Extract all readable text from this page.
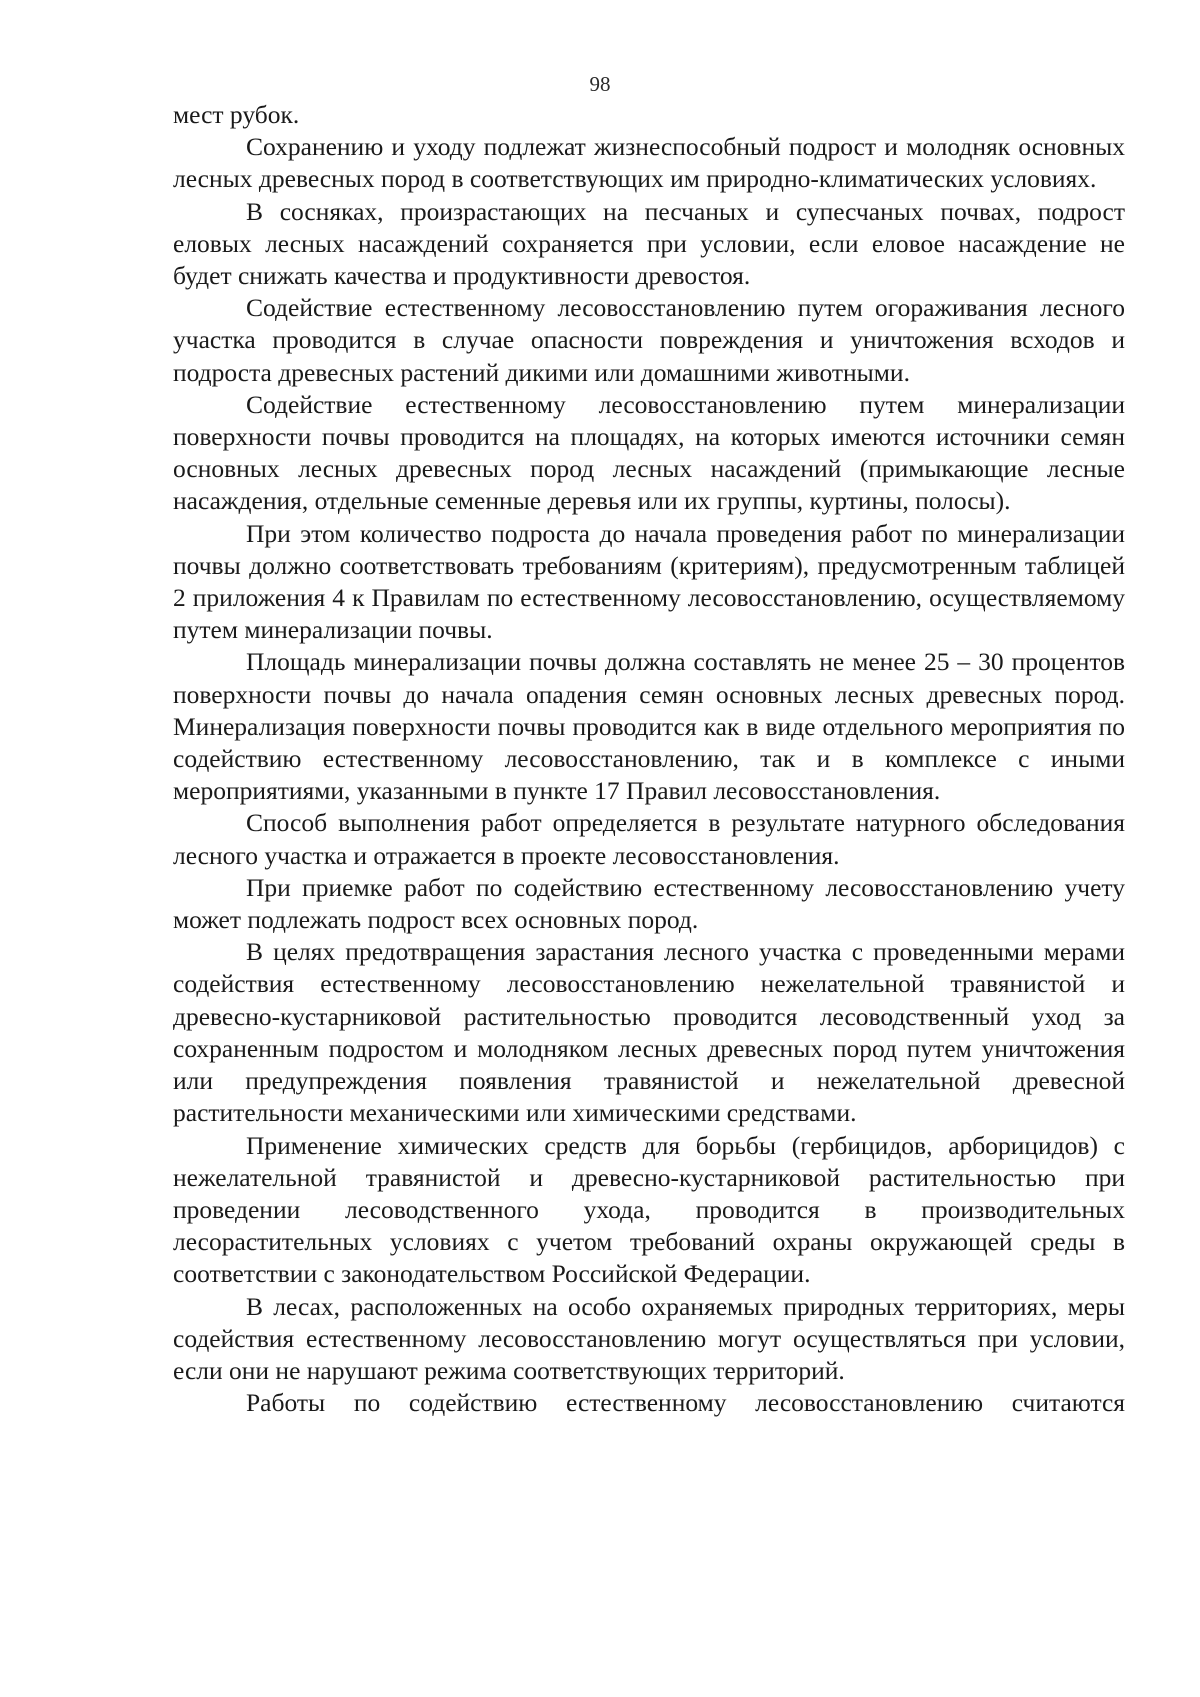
98

мест рубок.

Сохранению и уходу подлежат жизнеспособный подрост и молодняк основных лесных древесных пород в соответствующих им природно-климатических условиях.

В сосняках, произрастающих на песчаных и супесчаных почвах, подрост еловых лесных насаждений сохраняется при условии, если еловое насаждение не будет снижать качества и продуктивности древостоя.

Содействие естественному лесовосстановлению путем огораживания лесного участка проводится в случае опасности повреждения и уничтожения всходов и подроста древесных растений дикими или домашними животными.

Содействие естественному лесовосстановлению путем минерализации поверхности почвы проводится на площадях, на которых имеются источники семян основных лесных древесных пород лесных насаждений (примыкающие лесные насаждения, отдельные семенные деревья или их группы, куртины, полосы).

При этом количество подроста до начала проведения работ по минерализации почвы должно соответствовать требованиям (критериям), предусмотренным таблицей 2 приложения 4 к Правилам по естественному лесовосстановлению, осуществляемому путем минерализации почвы.

Площадь минерализации почвы должна составлять не менее 25 – 30 процентов поверхности почвы до начала опадения семян основных лесных древесных пород. Минерализация поверхности почвы проводится как в виде отдельного мероприятия по содействию естественному лесовосстановлению, так и в комплексе с иными мероприятиями, указанными в пункте 17 Правил лесовосстановления.

Способ выполнения работ определяется в результате натурного обследования лесного участка и отражается в проекте лесовосстановления.

При приемке работ по содействию естественному лесовосстановлению учету может подлежать подрост всех основных пород.

В целях предотвращения зарастания лесного участка с проведенными мерами содействия естественному лесовосстановлению нежелательной травянистой и древесно-кустарниковой растительностью проводится лесоводственный уход за сохраненным подростом и молодняком лесных древесных пород путем уничтожения или предупреждения появления травянистой и нежелательной древесной растительности механическими или химическими средствами.

Применение химических средств для борьбы (гербицидов, арборицидов) с нежелательной травянистой и древесно-кустарниковой растительностью при проведении лесоводственного ухода, проводится в производительных лесорастительных условиях с учетом требований охраны окружающей среды в соответствии с законодательством Российской Федерации.

В лесах, расположенных на особо охраняемых природных территориях, меры содействия естественному лесовосстановлению могут осуществляться при условии, если они не нарушают режима соответствующих территорий.

Работы по содействию естественному лесовосстановлению считаются
